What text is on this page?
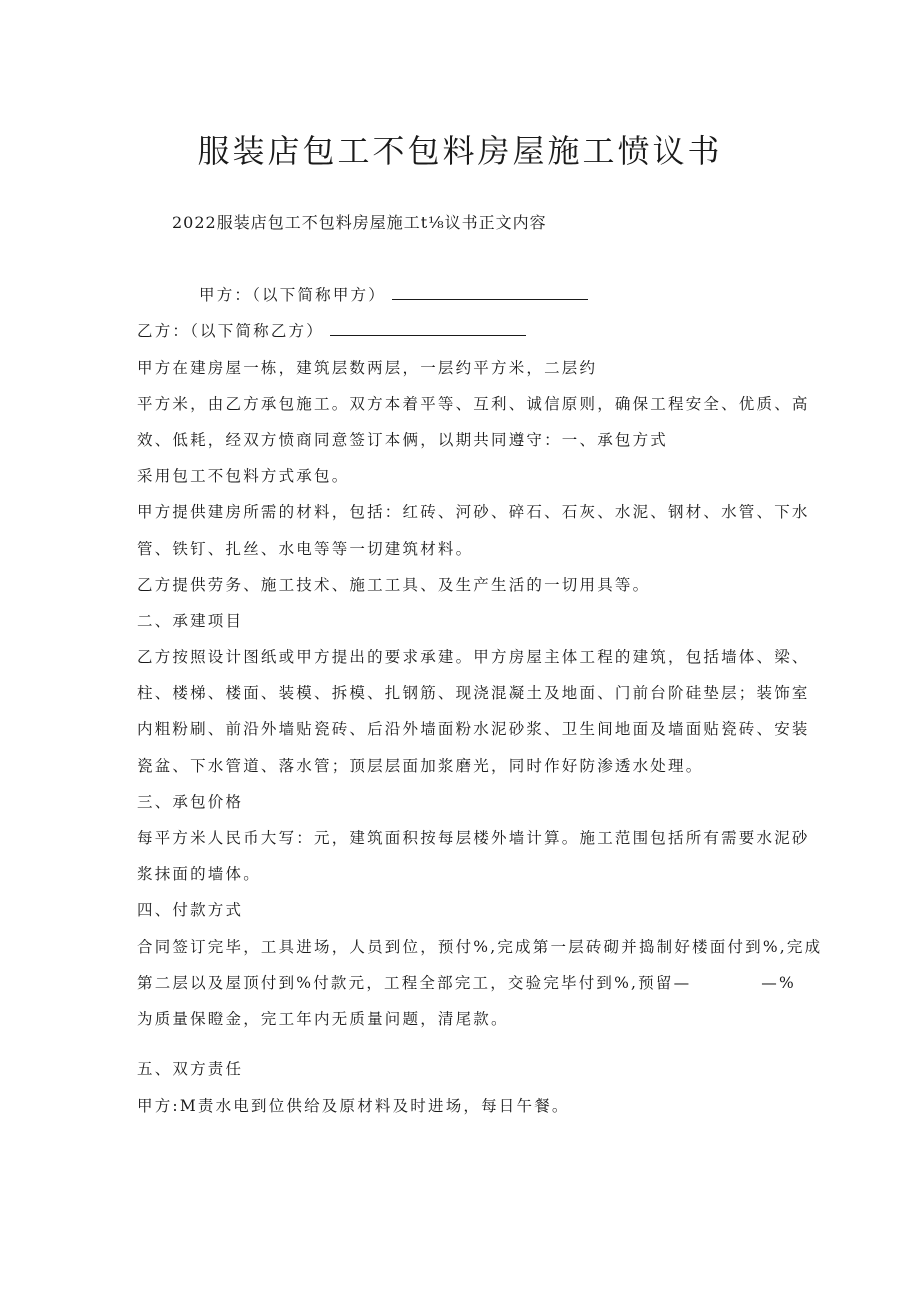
服装店包工不包料房屋施工愤议书
2022服装店包工不包料房屋施工t⅛议书正文内容
甲方：（以下简称甲方）
乙方：（以下简称乙方）
甲方在建房屋一栋，建筑层数两层，一层约平方米，二层约
平方米，由乙方承包施工。双方本着平等、互利、诚信原则，确保工程安全、优质、高
效、低耗，经双方愤商同意签订本俩，以期共同遵守：一、承包方式
采用包工不包料方式承包。
甲方提供建房所需的材料，包括：红砖、河砂、碎石、石灰、水泥、钢材、水管、下水
管、铁钉、扎丝、水电等等一切建筑材料。
乙方提供劳务、施工技术、施工工具、及生产生活的一切用具等。
二、承建项目
乙方按照设计图纸或甲方提出的要求承建。甲方房屋主体工程的建筑，包括墙体、梁、
柱、楼梯、楼面、装模、拆模、扎钢筋、现浇混凝土及地面、门前台阶硅垫层；装饰室
内粗粉刷、前沿外墙贴瓷砖、后沿外墙面粉水泥砂浆、卫生间地面及墙面贴瓷砖、安装
瓷盆、下水管道、落水管；顶层层面加浆磨光，同时作好防渗透水处理。
三、承包价格
每平方米人民币大写：元，建筑面积按每层楼外墙计算。施工范围包括所有需要水泥砂
浆抹面的墙体。
四、付款方式
合同签订完毕，工具进场，人员到位，预付%,完成第一层砖砌并捣制好楼面付到%,完成
第二层以及屋顶付到%付款元，工程全部完工，交验完毕付到%,预留—	—%
为质量保瞪金，完工年内无质量问题，清尾款。
五、双方责任
甲方:M责水电到位供给及原材料及时进场，每日午餐。
